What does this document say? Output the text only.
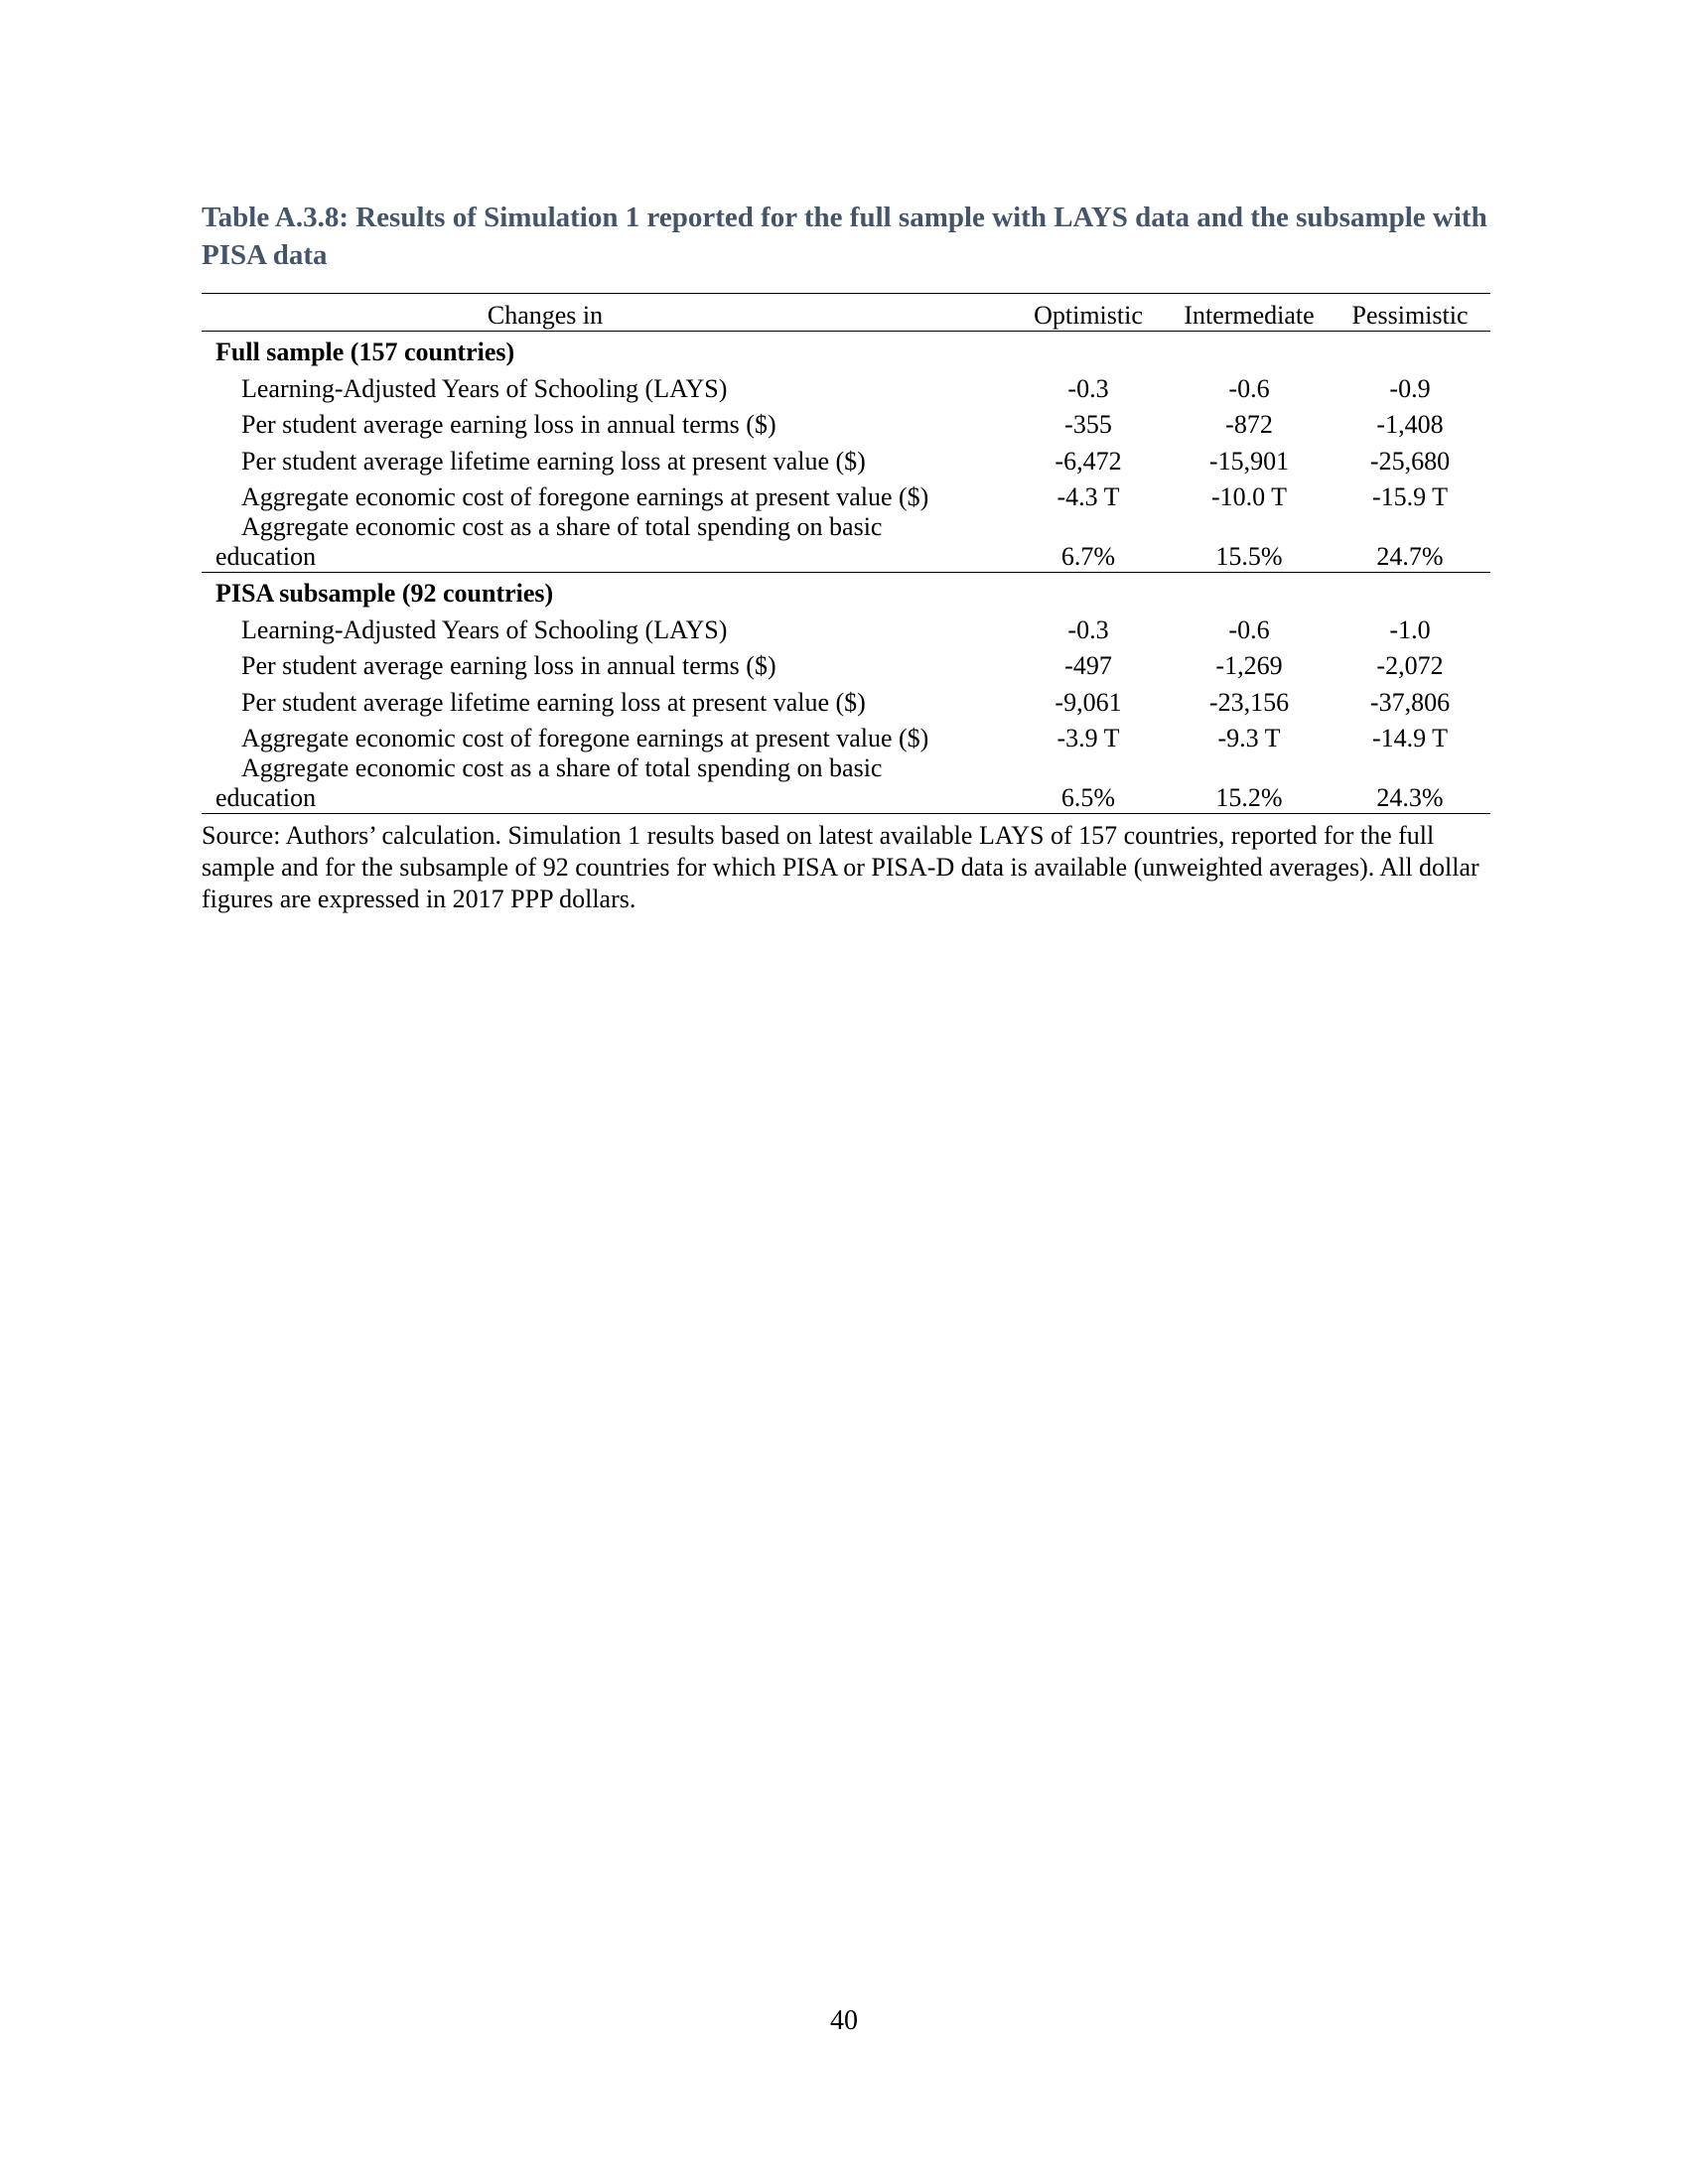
Table A.3.8: Results of Simulation 1 reported for the full sample with LAYS data and the subsample with PISA data
Changes in	Optimistic	Intermediate	Pessimistic
Full sample (157 countries)			
Learning-Adjusted Years of Schooling (LAYS)	-0.3	-0.6	-0.9
Per student average earning loss in annual terms ($)	-355	-872	-1,408
Per student average lifetime earning loss at present value ($)	-6,472	-15,901	-25,680
Aggregate economic cost of foregone earnings at present value ($)	-4.3 T	-10.0 T	-15.9 T

Aggregate economic cost as a share of total spending on basic
education	6.7%	15.5%	24.7%
PISA subsample (92 countries)			
Learning-Adjusted Years of Schooling (LAYS)	-0.3	-0.6	-1.0
Per student average earning loss in annual terms ($)	-497	-1,269	-2,072
Per student average lifetime earning loss at present value ($)	-9,061	-23,156	-37,806
Aggregate economic cost of foregone earnings at present value ($)	-3.9 T	-9.3 T	-14.9 T

Aggregate economic cost as a share of total spending on basic
education	6.5%	15.2%	24.3%

Source: Authors’ calculation. Simulation 1 results based on latest available LAYS of 157 countries, reported for the full sample and for the subsample of 92 countries for which PISA or PISA-D data is available (unweighted averages). All dollar figures are expressed in 2017 PPP dollars.

40
